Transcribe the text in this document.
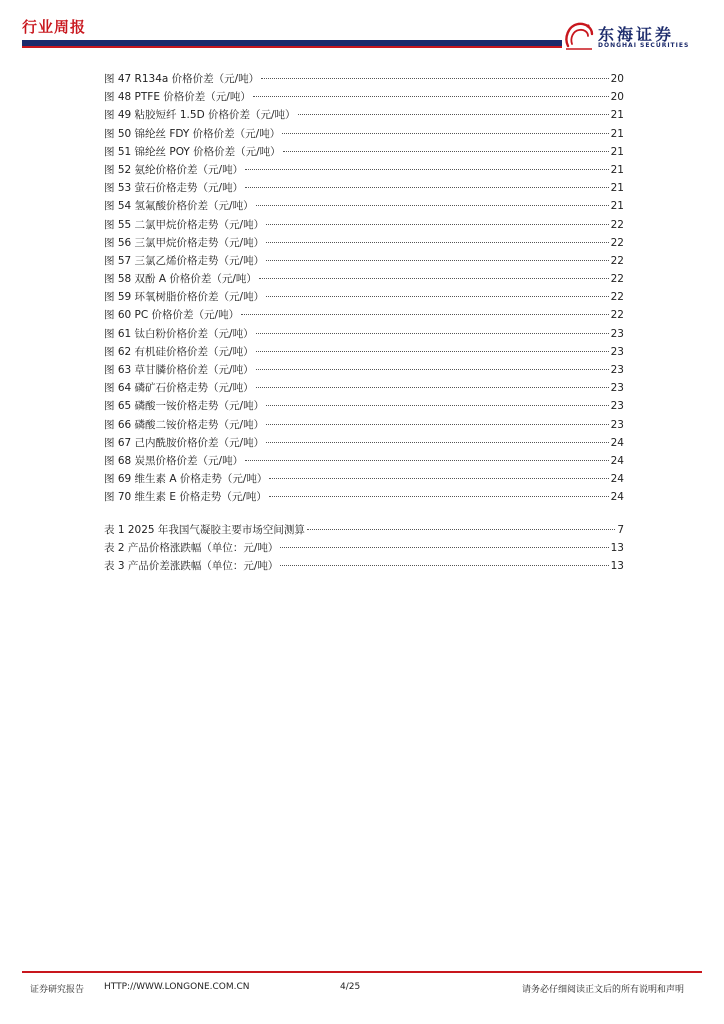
行业周报	东海证券
DONGHAI SECURITIES
图 47 R134a 价格价差（元/吨）	20
图 48 PTFE 价格价差（元/吨）	20
图 49 粘胶短纤 1.5D 价格价差（元/吨）	21
图 50 锦纶丝 FDY 价格价差（元/吨）	21
图 51 锦纶丝 POY 价格价差（元/吨）	21
图 52 氨纶价格价差（元/吨）	21
图 53 萤石价格走势（元/吨）	21
图 54 氢氟酸价格价差（元/吨）	21
图 55 二氯甲烷价格走势（元/吨）	22
图 56 三氯甲烷价格走势（元/吨）	22
图 57 三氯乙烯价格走势（元/吨）	22
图 58 双酚 A 价格价差（元/吨）	22
图 59 环氧树脂价格价差（元/吨）	22
图 60 PC 价格价差（元/吨）	22
图 61 钛白粉价格价差（元/吨）	23
图 62 有机硅价格价差（元/吨）	23
图 63 草甘膦价格价差（元/吨）	23
图 64 磷矿石价格走势（元/吨）	23
图 65 磷酸一铵价格走势（元/吨）	23
图 66 磷酸二铵价格走势（元/吨）	23
图 67 己内酰胺价格价差（元/吨）	24
图 68 炭黑价格价差（元/吨）	24
图 69 维生素 A 价格走势（元/吨）	24
图 70 维生素 E 价格走势（元/吨）	24
表 1 2025 年我国气凝胶主要市场空间测算	7
表 2 产品价格涨跌幅（单位：元/吨）	13
表 3 产品价差涨跌幅（单位：元/吨）	13
证券研究报告 HTTP://WWW.LONGONE.COM.CN	4/25	请务必仔细阅读正文后的所有说明和声明
